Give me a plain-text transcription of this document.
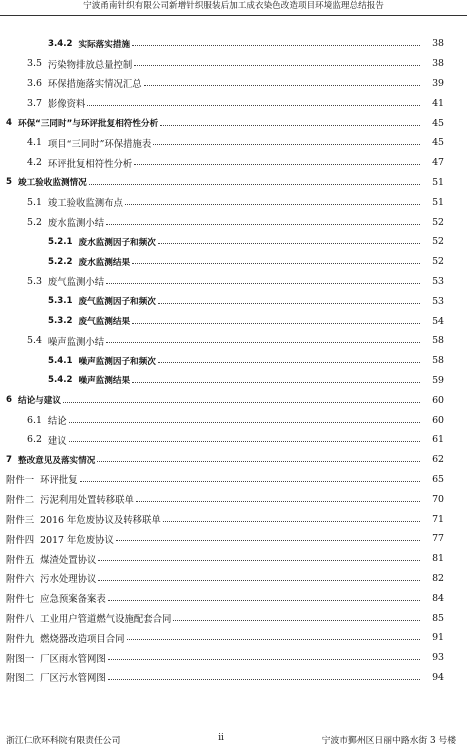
宁波甬南针织有限公司新增针织服装后加工成衣染色改造项目环境监理总结报告
3.4.2 实际落实措施	38
3.5 污染物排放总量控制	38
3.6 环保措施落实情况汇总	39
3.7 影像资料	41
4 环保“三同时”与环评批复相符性分析	45
4.1 项目“三同时”环保措施表	45
4.2 环评批复相符性分析	47
5 竣工验收监测情况	51
5.1 竣工验收监测布点	51
5.2 废水监测小结	52
5.2.1 废水监测因子和频次	52
5.2.2 废水监测结果	52
5.3 废气监测小结	53
5.3.1 废气监测因子和频次	53
5.3.2 废气监测结果	54
5.4 噪声监测小结	58
5.4.1 噪声监测因子和频次	58
5.4.2 噪声监测结果	59
6 结论与建议	60
6.1 结论	60
6.2 建议	61
7 整改意见及落实情况	62
附件一 环评批复	65
附件二 污泥利用处置转移联单	70
附件三 2016 年危废协议及转移联单	71
附件四 2017 年危废协议	77
附件五 煤渣处置协议	81
附件六 污水处理协议	82
附件七 应急预案备案表	84
附件八 工业用户管道燃气设施配套合同	85
附件九 燃烧器改造项目合同	91
附图一 厂区雨水管网图	93
附图二 厂区污水管网图	94
浙江仁欣环科院有限责任公司	ii	宁波市鄞州区日丽中路水街 3 号楼
